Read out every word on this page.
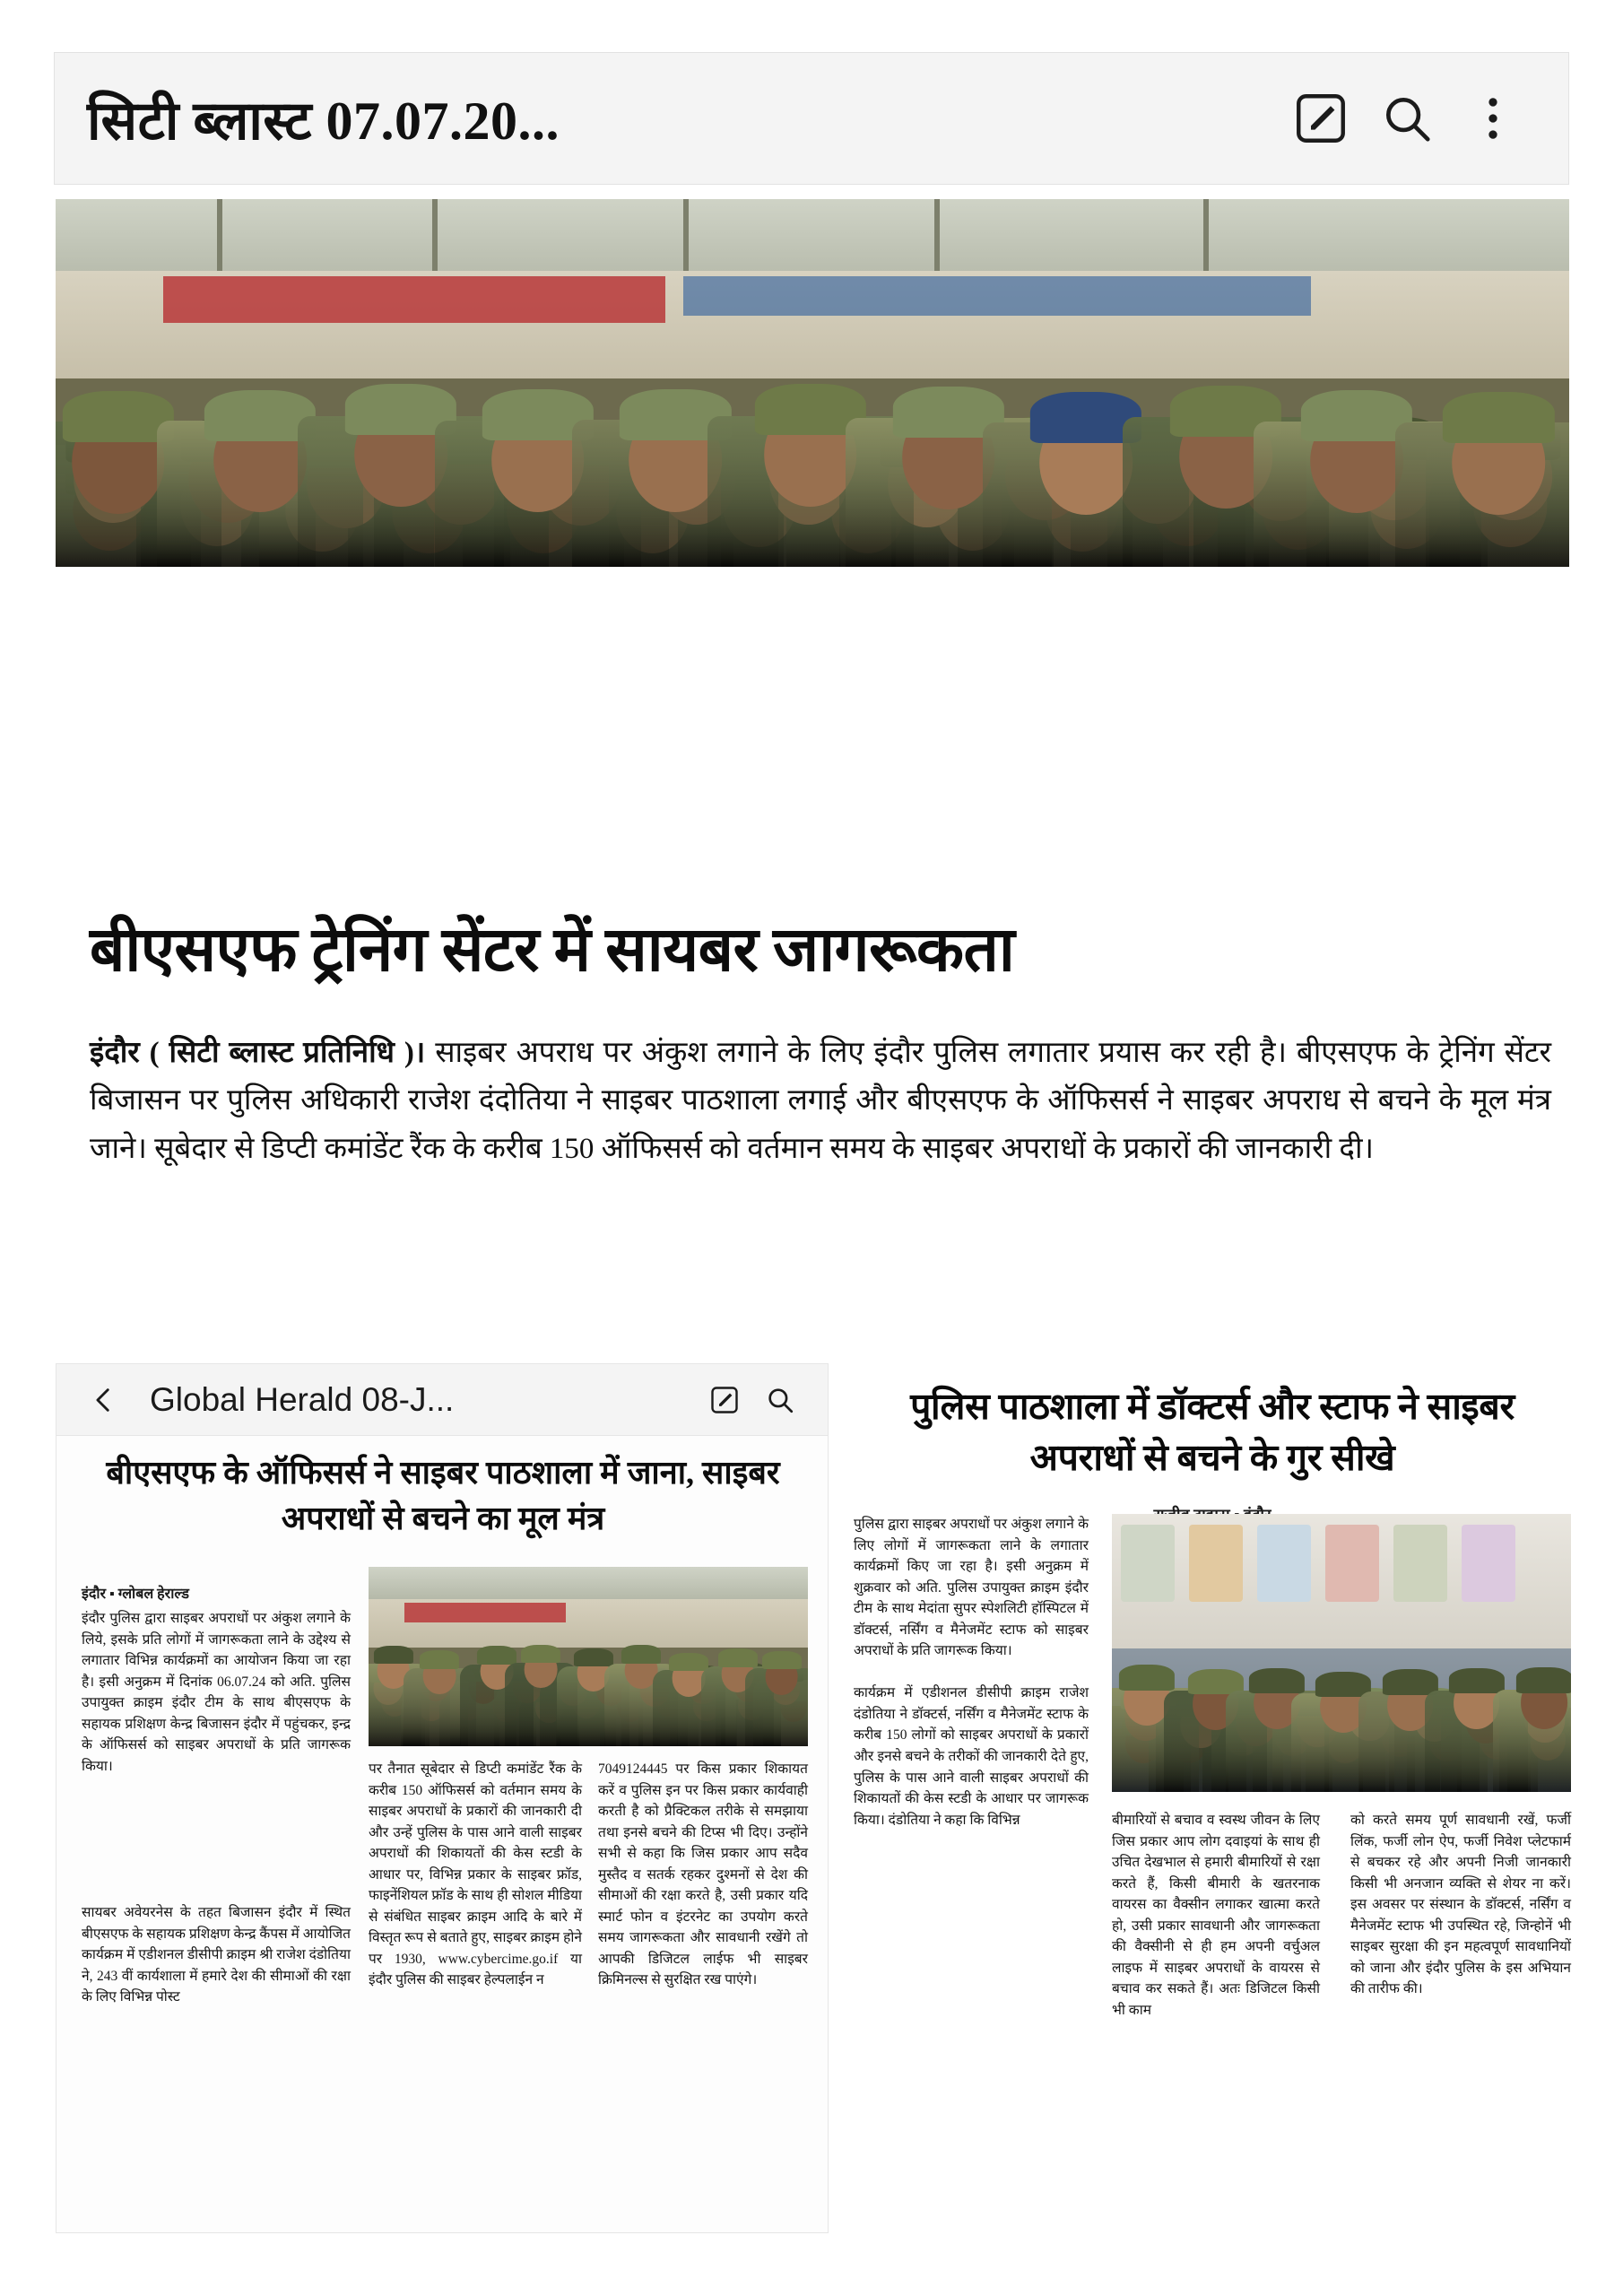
सिटी ब्लास्ट 07.07.20...
बीएसएफ ट्रेनिंग सेंटर में सायबर जागरूकता
इंदौर ( सिटी ब्लास्ट प्रतिनिधि )। साइबर अपराध पर अंकुश लगाने के लिए इंदौर पुलिस लगातार प्रयास कर रही है। बीएसएफ के ट्रेनिंग सेंटर बिजासन पर पुलिस अधिकारी राजेश दंदोतिया ने साइबर पाठशाला लगाई और बीएसएफ के ऑफिसर्स ने साइबर अपराध से बचने के मूल मंत्र जाने। सूबेदार से डिप्टी कमांडेंट रैंक के करीब 150 ऑफिसर्स को वर्तमान समय के साइबर अपराधों के प्रकारों की जानकारी दी।
Global Herald 08-J...
बीएसएफ के ऑफिसर्स ने साइबर पाठशाला में जाना, साइबर अपराधों से बचने का मूल मंत्र
इंदौर ▪ ग्लोबल हेराल्ड
इंदौर पुलिस द्वारा साइबर अपराधों पर अंकुश लगाने के लिये, इसके प्रति लोगों में जागरूकता लाने के उद्देश्य से लगातार विभिन्न कार्यक्रमों का आयोजन किया जा रहा है। इसी अनुक्रम में दिनांक 06.07.24 को अति. पुलिस उपायुक्त क्राइम इंदौर टीम के साथ बीएसएफ के सहायक प्रशिक्षण केन्द्र बिजासन इंदौर में पहुंचकर, इन्द्र के ऑफिसर्स को साइबर अपराधों के प्रति जागरूक किया।
सायबर अवेयरनेस के तहत बिजासन इंदौर में स्थित बीएसएफ के सहायक प्रशिक्षण केन्द्र कैंपस में आयोजित कार्यक्रम में एडीशनल डीसीपी क्राइम श्री राजेश दंडोतिया ने, 243 वीं कार्यशाला में हमारे देश की सीमाओं की रक्षा के लिए विभिन्न पोस्ट
पर तैनात सूबेदार से डिप्टी कमांडेंट रैंक के करीब 150 ऑफिसर्स को वर्तमान समय के साइबर अपराधों के प्रकारों की जानकारी दी और उन्हें पुलिस के पास आने वाली साइबर अपराधों की शिकायतों की केस स्टडी के आधार पर, विभिन्न प्रकार के साइबर फ्रॉड, फाइनेंशियल फ्रॉड के साथ ही सोशल मीडिया से संबंधित साइबर क्राइम आदि के बारे में विस्तृत रूप से बताते हुए, साइबर क्राइम होने पर 1930, www.cybercime.go.if या इंदौर पुलिस की साइबर हेल्पलाईन न
7049124445 पर किस प्रकार शिकायत करें व पुलिस इन पर किस प्रकार कार्यवाही करती है को प्रैक्टिकल तरीके से समझाया तथा इनसे बचने की टिप्स भी दिए। उन्होंने सभी से कहा कि जिस प्रकार आप सदैव मुस्तैद व सतर्क रहकर दुश्मनों से देश की सीमाओं की रक्षा करते है, उसी प्रकार यदि स्मार्ट फोन व इंटरनेट का उपयोग करते समय जागरूकता और सावधानी रखेंगे तो आपकी डिजिटल लाईफ भी साइबर क्रिमिनल्स से सुरक्षित रख पाएंगे।
पुलिस पाठशाला में डॉक्टर्स और स्टाफ ने साइबर अपराधों से बचने के गुर सीखे
पुलिस द्वारा साइबर अपराधों पर अंकुश लगाने के लिए लोगों में जागरूकता लाने के लगातार कार्यक्रमों किए जा रहा है। इसी अनुक्रम में शुक्रवार को अति. पुलिस उपायुक्त क्राइम इंदौर टीम के साथ मेदांता सुपर स्पेशलिटी हॉस्पिटल में डॉक्टर्स, नर्सिंग व मैनेजमेंट स्टाफ को साइबर अपराधों के प्रति जागरूक किया।

कार्यक्रम में एडीशनल डीसीपी क्राइम राजेश दंडोतिया ने डॉक्टर्स, नर्सिंग व मैनेजमेंट स्टाफ के करीब 150 लोगों को साइबर अपराधों के प्रकारों और इनसे बचने के तरीकों की जानकारी देते हुए, पुलिस के पास आने वाली साइबर अपराधों की शिकायतों की केस स्टडी के आधार पर जागरूक किया। दंडोतिया ने कहा कि विभिन्न	बीमारियों से बचाव व स्वस्थ जीवन के लिए जिस प्रकार आप लोग दवाइयां के साथ ही उचित देखभाल से हमारी बीमारियों से रक्षा करते हैं, किसी बीमारी के खतरनाक वायरस का वैक्सीन लगाकर खात्मा करते हो, उसी प्रकार सावधानी और जागरूकता की वैक्सीनी से ही हम अपनी वर्चुअल लाइफ में साइबर अपराधों के वायरस से बचाव कर सकते हैं। अतः डिजिटल किसी भी काम
को करते समय पूर्ण सावधानी रखें, फर्जी लिंक, फर्जी लोन ऐप, फर्जी निवेश प्लेटफार्म से बचकर रहे और अपनी निजी जानकारी किसी भी अनजान व्यक्ति से शेयर ना करें। इस अवसर पर संस्थान के डॉक्टर्स, नर्सिंग व मैनेजमेंट स्टाफ भी उपस्थित रहे, जिन्होनें भी साइबर सुरक्षा की इन महत्वपूर्ण सावधानियों को जाना और इंदौर पुलिस के इस अभियान की तारीफ की।
